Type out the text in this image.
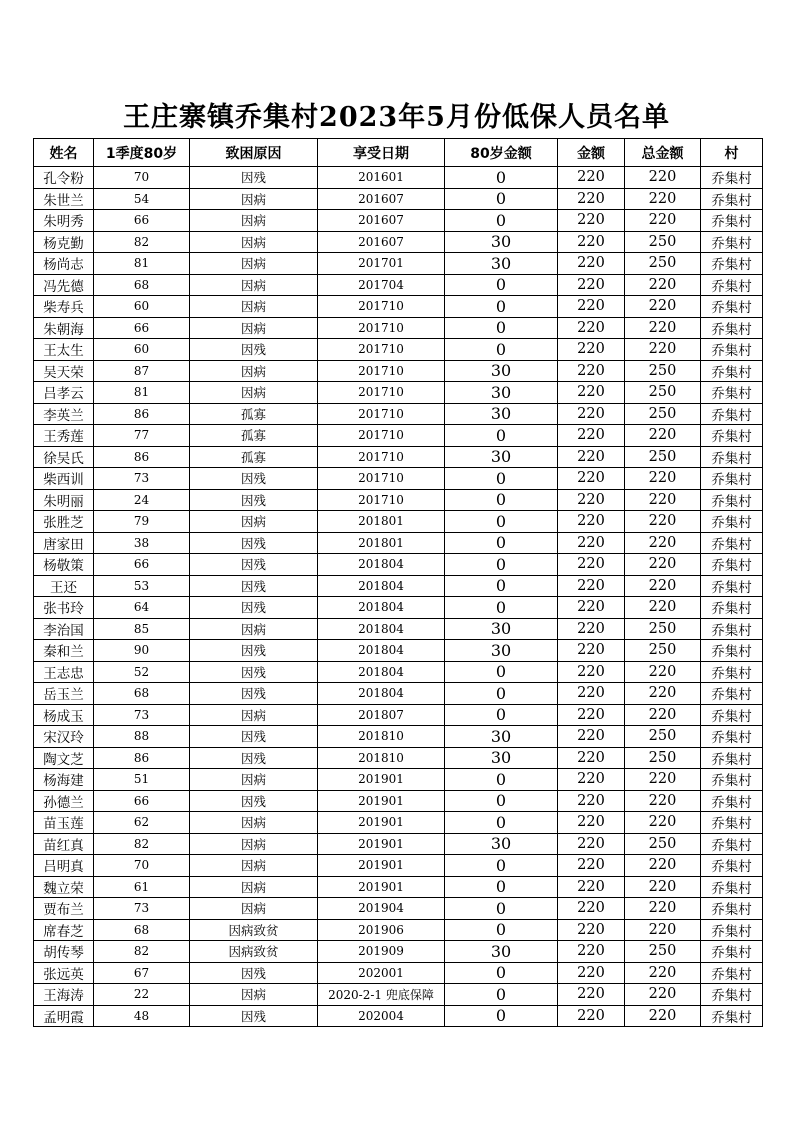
王庄寨镇乔集村2023年5月份低保人员名单
姓名	1季度80岁	致困原因	享受日期	80岁金额	金额	总金额	村
孔令粉	70	因残	201601	0	220	220	乔集村
朱世兰	54	因病	201607	0	220	220	乔集村
朱明秀	66	因病	201607	0	220	220	乔集村
杨克勤	82	因病	201607	30	220	250	乔集村
杨尚志	81	因病	201701	30	220	250	乔集村
冯先德	68	因病	201704	0	220	220	乔集村
柴寿兵	60	因病	201710	0	220	220	乔集村
朱朝海	66	因病	201710	0	220	220	乔集村
王太生	60	因残	201710	0	220	220	乔集村
吴天荣	87	因病	201710	30	220	250	乔集村
吕孝云	81	因病	201710	30	220	250	乔集村
李英兰	86	孤寡	201710	30	220	250	乔集村
王秀莲	77	孤寡	201710	0	220	220	乔集村
徐吴氏	86	孤寡	201710	30	220	250	乔集村
柴西训	73	因残	201710	0	220	220	乔集村
朱明丽	24	因残	201710	0	220	220	乔集村
张胜芝	79	因病	201801	0	220	220	乔集村
唐家田	38	因残	201801	0	220	220	乔集村
杨敬策	66	因残	201804	0	220	220	乔集村
王还	53	因残	201804	0	220	220	乔集村
张书玲	64	因残	201804	0	220	220	乔集村
李治国	85	因病	201804	30	220	250	乔集村
秦和兰	90	因残	201804	30	220	250	乔集村
王志忠	52	因残	201804	0	220	220	乔集村
岳玉兰	68	因残	201804	0	220	220	乔集村
杨成玉	73	因病	201807	0	220	220	乔集村
宋汉玲	88	因残	201810	30	220	250	乔集村
陶文芝	86	因残	201810	30	220	250	乔集村
杨海建	51	因病	201901	0	220	220	乔集村
孙德兰	66	因残	201901	0	220	220	乔集村
苗玉莲	62	因病	201901	0	220	220	乔集村
苗红真	82	因病	201901	30	220	250	乔集村
吕明真	70	因病	201901	0	220	220	乔集村
魏立荣	61	因病	201901	0	220	220	乔集村
贾布兰	73	因病	201904	0	220	220	乔集村
席春芝	68	因病致贫	201906	0	220	220	乔集村
胡传琴	82	因病致贫	201909	30	220	250	乔集村
张远英	67	因残	202001	0	220	220	乔集村
王海涛	22	因病	2020-2-1 兜底保障	0	220	220	乔集村
孟明霞	48	因残	202004	0	220	220	乔集村
